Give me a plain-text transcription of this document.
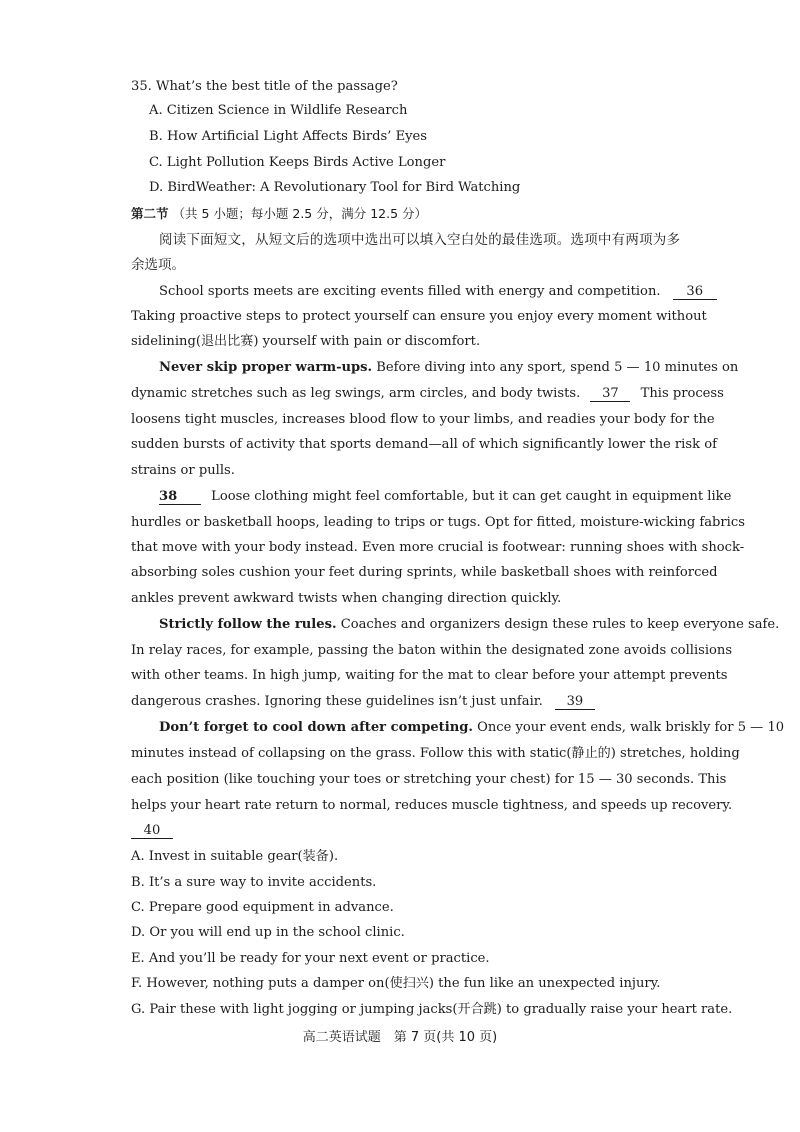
35. What’s the best title of the passage?
A. Citizen Science in Wildlife Research
B. How Artificial Light Affects Birds’ Eyes
C. Light Pollution Keeps Birds Active Longer
D. BirdWeather: A Revolutionary Tool for Bird Watching
第二节 （共 5 小题；每小题 2.5 分，满分 12.5 分）
阅读下面短文，从短文后的选项中选出可以填入空白处的最佳选项。选项中有两项为多
余选项。
School sports meets are exciting events filled with energy and competition. 36
Taking proactive steps to protect yourself can ensure you enjoy every moment without
sidelining(退出比赛) yourself with pain or discomfort.
Never skip proper warm-ups. Before diving into any sport, spend 5 — 10 minutes on
dynamic stretches such as leg swings, arm circles, and body twists. 37 This process
loosens tight muscles, increases blood flow to your limbs, and readies your body for the
sudden bursts of activity that sports demand—all of which significantly lower the risk of
strains or pulls.
38	Loose clothing might feel comfortable, but it can get caught in equipment like
hurdles or basketball hoops, leading to trips or tugs. Opt for fitted, moisture-wicking fabrics
that move with your body instead. Even more crucial is footwear: running shoes with shock-
absorbing soles cushion your feet during sprints, while basketball shoes with reinforced
ankles prevent awkward twists when changing direction quickly.
Strictly follow the rules. Coaches and organizers design these rules to keep everyone safe.
In relay races, for example, passing the baton within the designated zone avoids collisions
with other teams. In high jump, waiting for the mat to clear before your attempt prevents
dangerous crashes. Ignoring these guidelines isn’t just unfair. 39
Don’t forget to cool down after competing. Once your event ends, walk briskly for 5 — 10
minutes instead of collapsing on the grass. Follow this with static(静止的) stretches, holding
each position (like touching your toes or stretching your chest) for 15 — 30 seconds. This
helps your heart rate return to normal, reduces muscle tightness, and speeds up recovery.
40
A. Invest in suitable gear(装备).
B. It’s a sure way to invite accidents.
C. Prepare good equipment in advance.
D. Or you will end up in the school clinic.
E. And you’ll be ready for your next event or practice.
F. However, nothing puts a damper on(使扫兴) the fun like an unexpected injury.
G. Pair these with light jogging or jumping jacks(开合跳) to gradually raise your heart rate.
高二英语试题　第 7 页(共 10 页)
